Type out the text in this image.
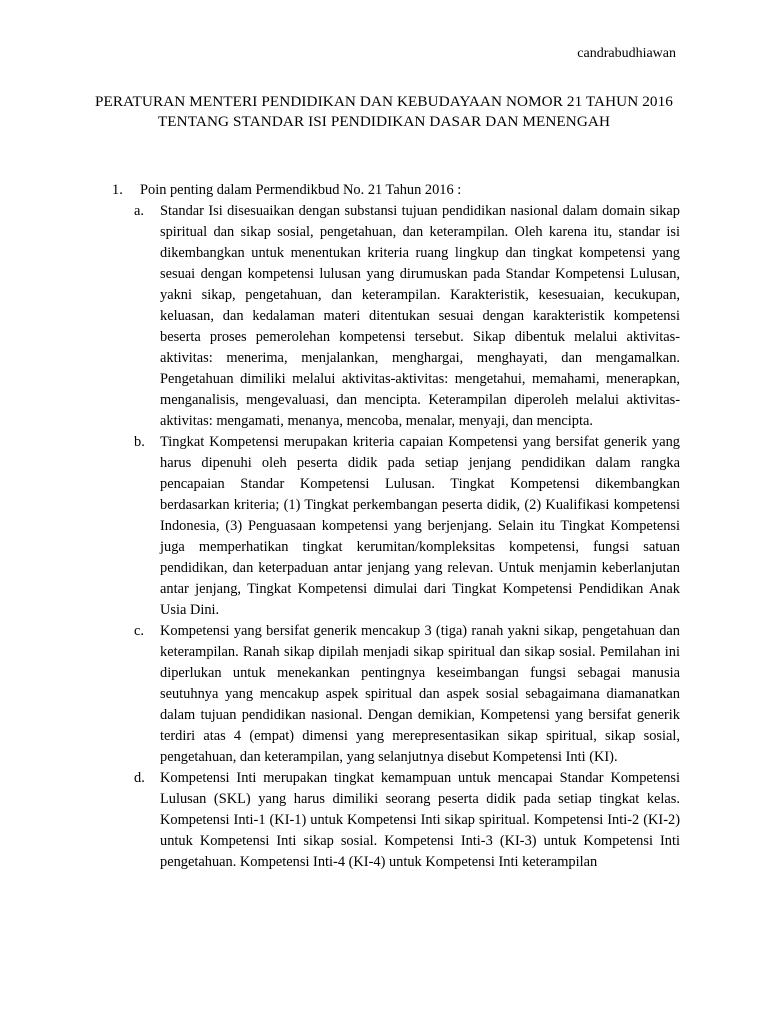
candrabudhiawan
PERATURAN MENTERI PENDIDIKAN DAN KEBUDAYAAN NOMOR 21 TAHUN 2016
TENTANG STANDAR ISI PENDIDIKAN DASAR DAN MENENGAH
1.	Poin penting dalam Permendikbud No. 21 Tahun 2016 :
a.	Standar Isi disesuaikan dengan substansi tujuan pendidikan nasional dalam domain sikap spiritual dan sikap sosial, pengetahuan, dan keterampilan. Oleh karena itu, standar isi dikembangkan untuk menentukan kriteria ruang lingkup dan tingkat kompetensi yang sesuai dengan kompetensi lulusan yang dirumuskan pada Standar Kompetensi Lulusan, yakni sikap, pengetahuan, dan keterampilan. Karakteristik, kesesuaian, kecukupan, keluasan, dan kedalaman materi ditentukan sesuai dengan karakteristik kompetensi beserta proses pemerolehan kompetensi tersebut. Sikap dibentuk melalui aktivitas-aktivitas: menerima, menjalankan, menghargai, menghayati, dan mengamalkan. Pengetahuan dimiliki melalui aktivitas-aktivitas: mengetahui, memahami, menerapkan, menganalisis, mengevaluasi, dan mencipta. Keterampilan diperoleh melalui aktivitas-aktivitas: mengamati, menanya, mencoba, menalar, menyaji, dan mencipta.
b.	Tingkat Kompetensi merupakan kriteria capaian Kompetensi yang bersifat generik yang harus dipenuhi oleh peserta didik pada setiap jenjang pendidikan dalam rangka pencapaian Standar Kompetensi Lulusan. Tingkat Kompetensi dikembangkan berdasarkan kriteria; (1) Tingkat perkembangan peserta didik, (2) Kualifikasi kompetensi Indonesia, (3) Penguasaan kompetensi yang berjenjang. Selain itu Tingkat Kompetensi juga memperhatikan tingkat kerumitan/kompleksitas kompetensi, fungsi satuan pendidikan, dan keterpaduan antar jenjang yang relevan. Untuk menjamin keberlanjutan antar jenjang, Tingkat Kompetensi dimulai dari Tingkat Kompetensi Pendidikan Anak Usia Dini.
c.	Kompetensi yang bersifat generik mencakup 3 (tiga) ranah yakni sikap, pengetahuan dan keterampilan. Ranah sikap dipilah menjadi sikap spiritual dan sikap sosial. Pemilahan ini diperlukan untuk menekankan pentingnya keseimbangan fungsi sebagai manusia seutuhnya yang mencakup aspek spiritual dan aspek sosial sebagaimana diamanatkan dalam tujuan pendidikan nasional. Dengan demikian, Kompetensi yang bersifat generik terdiri atas 4 (empat) dimensi yang merepresentasikan sikap spiritual, sikap sosial, pengetahuan, dan keterampilan, yang selanjutnya disebut Kompetensi Inti (KI).
d.	Kompetensi Inti merupakan tingkat kemampuan untuk mencapai Standar Kompetensi Lulusan (SKL) yang harus dimiliki seorang peserta didik pada setiap tingkat kelas. Kompetensi Inti-1 (KI-1) untuk Kompetensi Inti sikap spiritual. Kompetensi Inti-2 (KI-2) untuk Kompetensi Inti sikap sosial. Kompetensi Inti-3 (KI-3) untuk Kompetensi Inti pengetahuan. Kompetensi Inti-4 (KI-4) untuk Kompetensi Inti keterampilan
